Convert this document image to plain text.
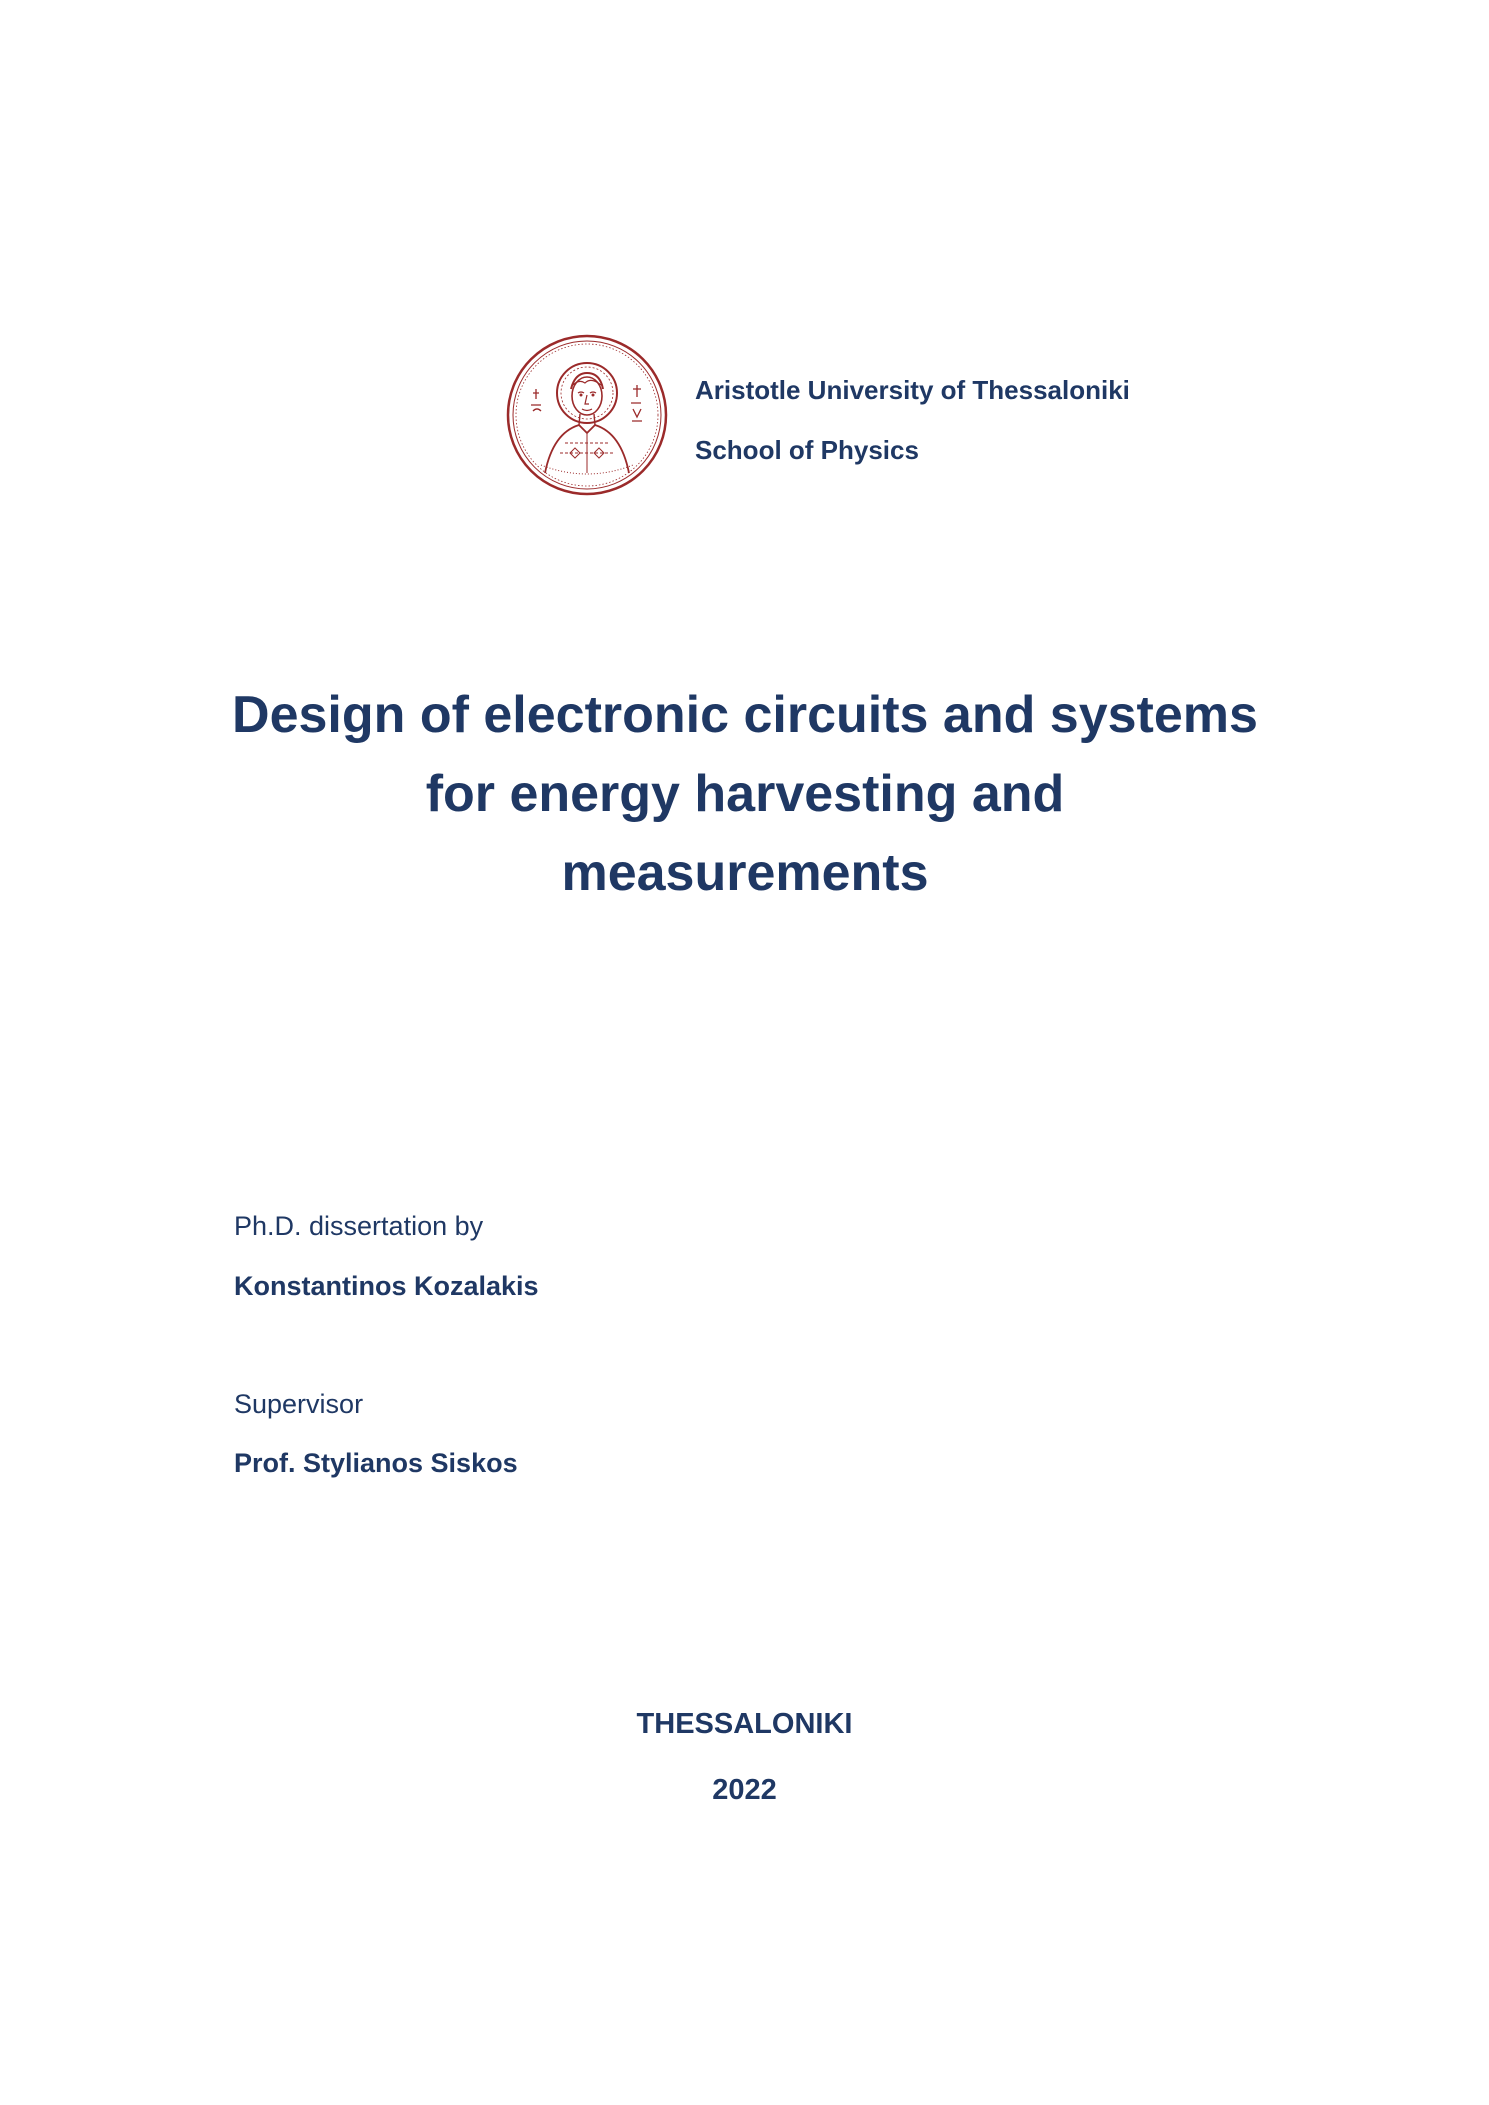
Aristotle University of Thessaloniki
School of Physics
Design of electronic circuits and systems
for energy harvesting and
measurements
Ph.D. dissertation by
Konstantinos Kozalakis
Supervisor
Prof. Stylianos Siskos
THESSALONIKI
2022
